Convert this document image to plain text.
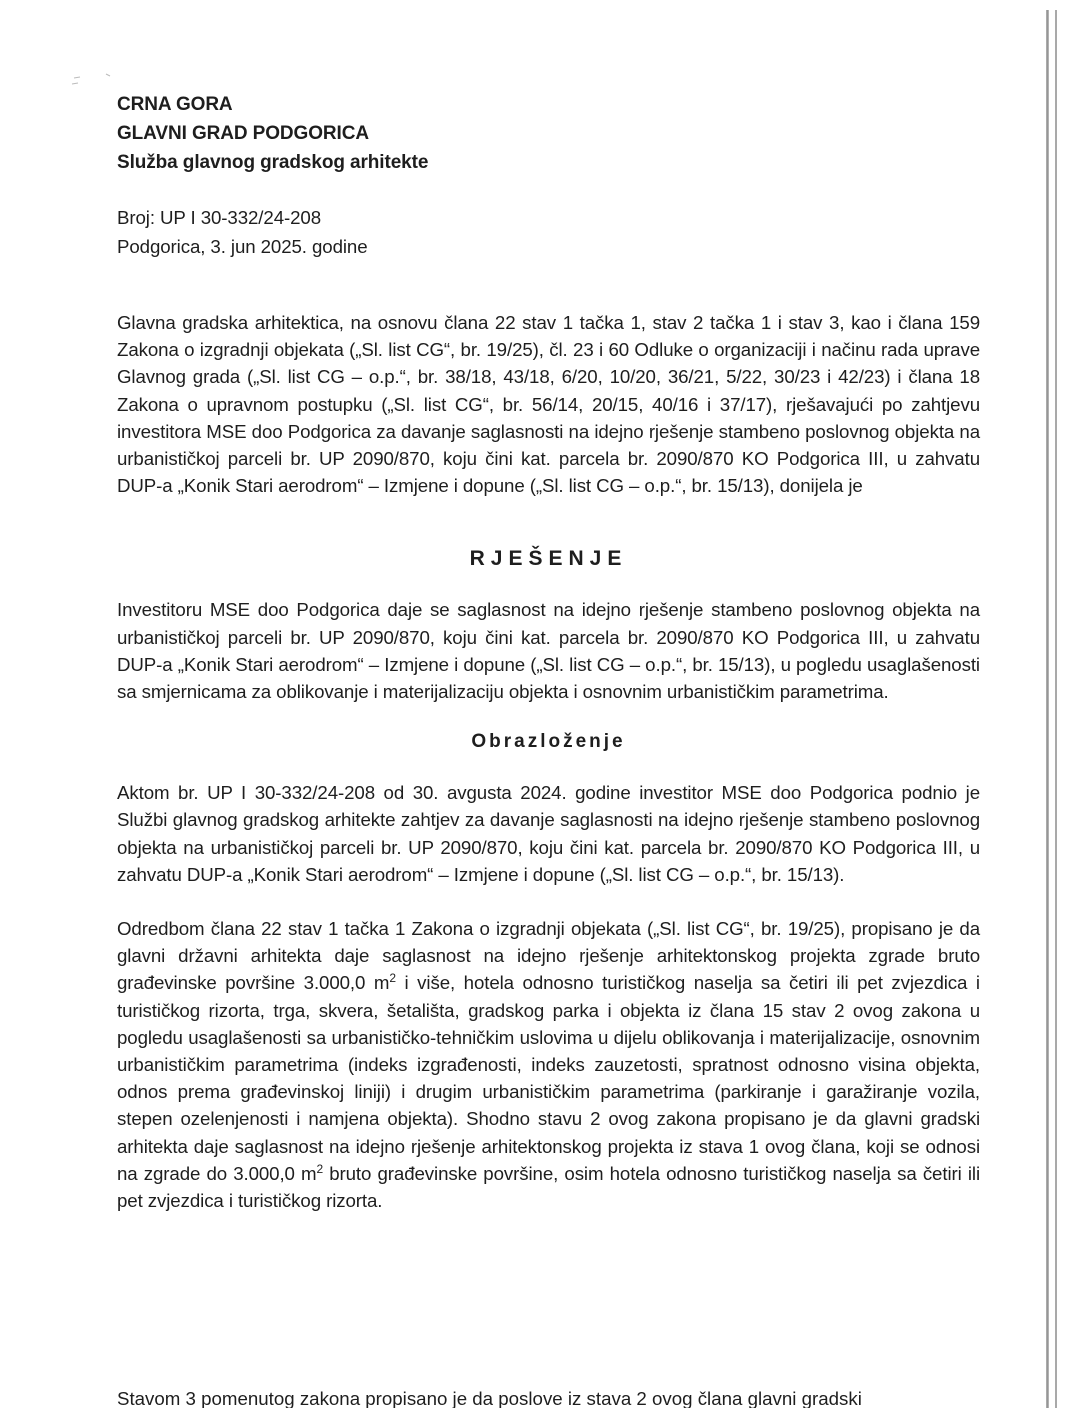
CRNA GORA
GLAVNI GRAD PODGORICA
Služba glavnog gradskog arhitekte
Broj: UP I 30-332/24-208
Podgorica, 3. jun 2025. godine

Glavna gradska arhitektica, na osnovu člana 22 stav 1 tačka 1, stav 2 tačka 1 i stav 3, kao i člana 159 Zakona o izgradnji objekata („Sl. list CG“, br. 19/25), čl. 23 i 60 Odluke o organizaciji i načinu rada uprave Glavnog grada („Sl. list CG – o.p.“, br. 38/18, 43/18, 6/20, 10/20, 36/21, 5/22, 30/23 i 42/23) i člana 18 Zakona o upravnom postupku („Sl. list CG“, br. 56/14, 20/15, 40/16 i 37/17), rješavajući po zahtjevu investitora MSE doo Podgorica za davanje saglasnosti na idejno rješenje stambeno poslovnog objekta na urbanističkoj parceli br. UP 2090/870, koju čini kat. parcela br. 2090/870 KO Podgorica III, u zahvatu DUP-a „Konik Stari aerodrom“ – Izmjene i dopune („Sl. list CG – o.p.“, br. 15/13), donijela je

RJEŠENJE

Investitoru MSE doo Podgorica daje se saglasnost na idejno rješenje stambeno poslovnog objekta na urbanističkoj parceli br. UP 2090/870, koju čini kat. parcela br. 2090/870 KO Podgorica III, u zahvatu DUP-a „Konik Stari aerodrom“ – Izmjene i dopune („Sl. list CG – o.p.“, br. 15/13), u pogledu usaglašenosti sa smjernicama za oblikovanje i materijalizaciju objekta i osnovnim urbanističkim parametrima.

Obrazloženje

Aktom br. UP I 30-332/24-208 od 30. avgusta 2024. godine investitor MSE doo Podgorica podnio je Službi glavnog gradskog arhitekte zahtjev za davanje saglasnosti na idejno rješenje stambeno poslovnog objekta na urbanističkoj parceli br. UP 2090/870, koju čini kat. parcela br. 2090/870 KO Podgorica III, u zahvatu DUP-a „Konik Stari aerodrom“ – Izmjene i dopune („Sl. list CG – o.p.“, br. 15/13).

Odredbom člana 22 stav 1 tačka 1 Zakona o izgradnji objekata („Sl. list CG“, br. 19/25), propisano je da glavni državni arhitekta daje saglasnost na idejno rješenje arhitektonskog projekta zgrade bruto građevinske površine 3.000,0 $m^2$ i više, hotela odnosno turističkog naselja sa četiri ili pet zvjezdica i turističkog rizorta, trga, skvera, šetališta, gradskog parka i objekta iz člana 15 stav 2 ovog zakona u pogledu usaglašenosti sa urbanističko-tehničkim uslovima u dijelu oblikovanja i materijalizacije, osnovnim urbanističkim parametrima (indeks izgrađenosti, indeks zauzetosti, spratnost odnosno visina objekta, odnos prema građevinskoj liniji) i drugim urbanističkim parametrima (parkiranje i garažiranje vozila, stepen ozelenjenosti i namjena objekta). Shodno stavu 2 ovog zakona propisano je da glavni gradski arhitekta daje saglasnost na idejno rješenje arhitektonskog projekta iz stava 1 ovog člana, koji se odnosi na zgrade do 3.000,0 $m^2$ bruto građevinske površine, osim hotela odnosno turističkog naselja sa četiri ili pet zvjezdica i turističkog rizorta.

Stavom 3 pomenutog zakona propisano je da poslove iz stava 2 ovog člana glavni gradski
